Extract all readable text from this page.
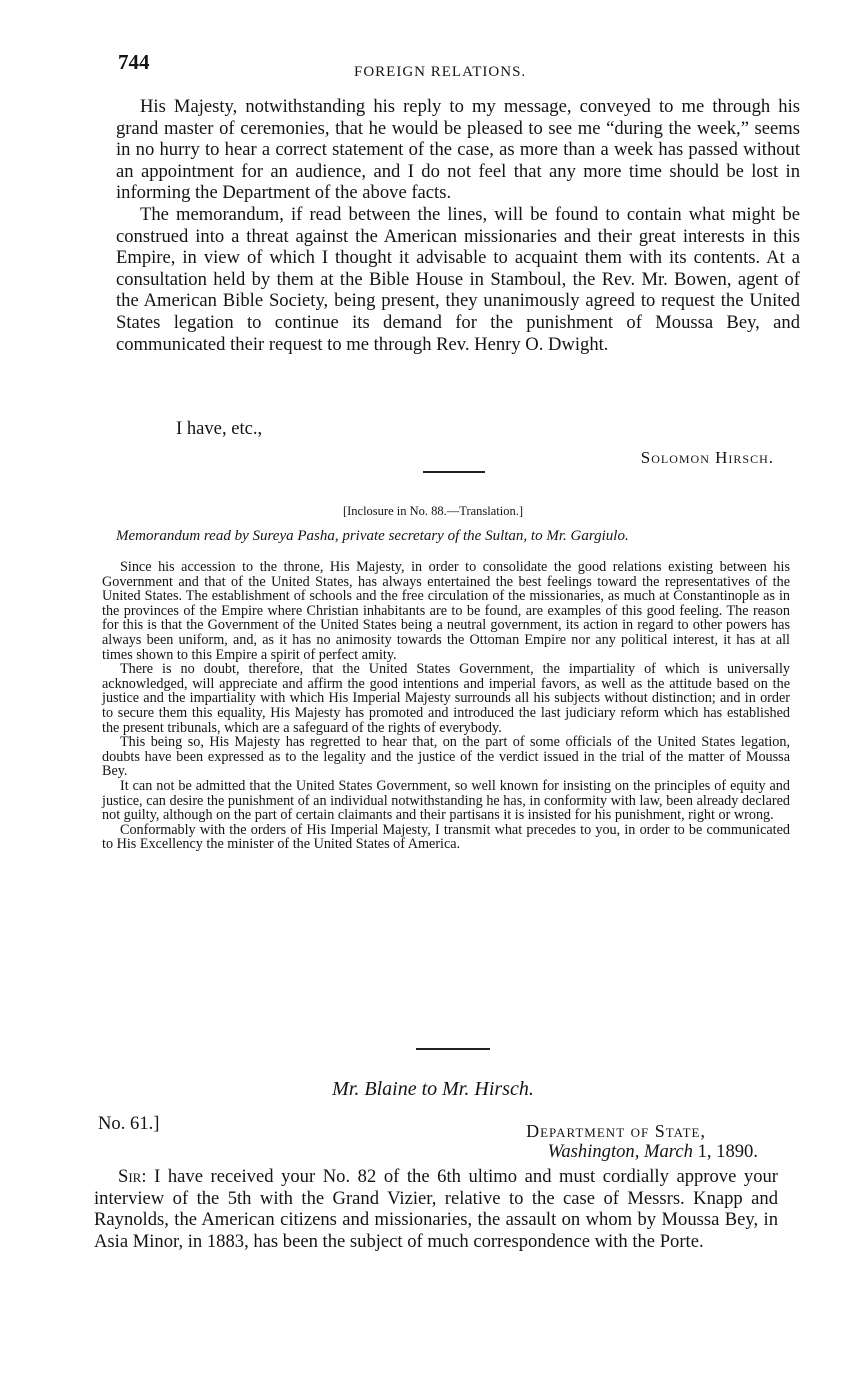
744	FOREIGN RELATIONS.

His Majesty, notwithstanding his reply to my message, conveyed to me through his grand master of ceremonies, that he would be pleased to see me “during the week,” seems in no hurry to hear a correct statement of the case, as more than a week has passed without an appointment for an audience, and I do not feel that any more time should be lost in informing the Department of the above facts.

The memorandum, if read between the lines, will be found to contain what might be construed into a threat against the American missionaries and their great interests in this Empire, in view of which I thought it advisable to acquaint them with its contents. At a consultation held by them at the Bible House in Stamboul, the Rev. Mr. Bowen, agent of the American Bible Society, being present, they unanimously agreed to request the United States legation to continue its demand for the punishment of Moussa Bey, and communicated their request to me through Rev. Henry O. Dwight.

I have, etc.,
Solomon Hirsch.
[Inclosure in No. 88.—Translation.]
Memorandum read by Sureya Pasha, private secretary of the Sultan, to Mr. Gargiulo.

Since his accession to the throne, His Majesty, in order to consolidate the good relations existing between his Government and that of the United States, has always entertained the best feelings toward the representatives of the United States. The establishment of schools and the free circulation of the missionaries, as much at Constantinople as in the provinces of the Empire where Christian inhabitants are to be found, are examples of this good feeling. The reason for this is that the Government of the United States being a neutral government, its action in regard to other powers has always been uniform, and, as it has no animosity towards the Ottoman Empire nor any political interest, it has at all times shown to this Empire a spirit of perfect amity.

There is no doubt, therefore, that the United States Government, the impartiality of which is universally acknowledged, will appreciate and affirm the good intentions and imperial favors, as well as the attitude based on the justice and the impartiality with which His Imperial Majesty surrounds all his subjects without distinction; and in order to secure them this equality, His Majesty has promoted and introduced the last judiciary reform which has established the present tribunals, which are a safeguard of the rights of everybody.

This being so, His Majesty has regretted to hear that, on the part of some officials of the United States legation, doubts have been expressed as to the legality and the justice of the verdict issued in the trial of the matter of Moussa Bey.

It can not be admitted that the United States Government, so well known for insisting on the principles of equity and justice, can desire the punishment of an individual notwithstanding he has, in conformity with law, been already declared not guilty, although on the part of certain claimants and their partisans it is insisted for his punishment, right or wrong.

Conformably with the orders of His Imperial Majesty, I transmit what precedes to you, in order to be communicated to His Excellency the minister of the United States of America.

Mr. Blaine to Mr. Hirsch.
No. 61.]	Department of State,
Washington, March 1, 1890.

Sir: I have received your No. 82 of the 6th ultimo and must cordially approve your interview of the 5th with the Grand Vizier, relative to the case of Messrs. Knapp and Raynolds, the American citizens and missionaries, the assault on whom by Moussa Bey, in Asia Minor, in 1883, has been the subject of much correspondence with the Porte.
